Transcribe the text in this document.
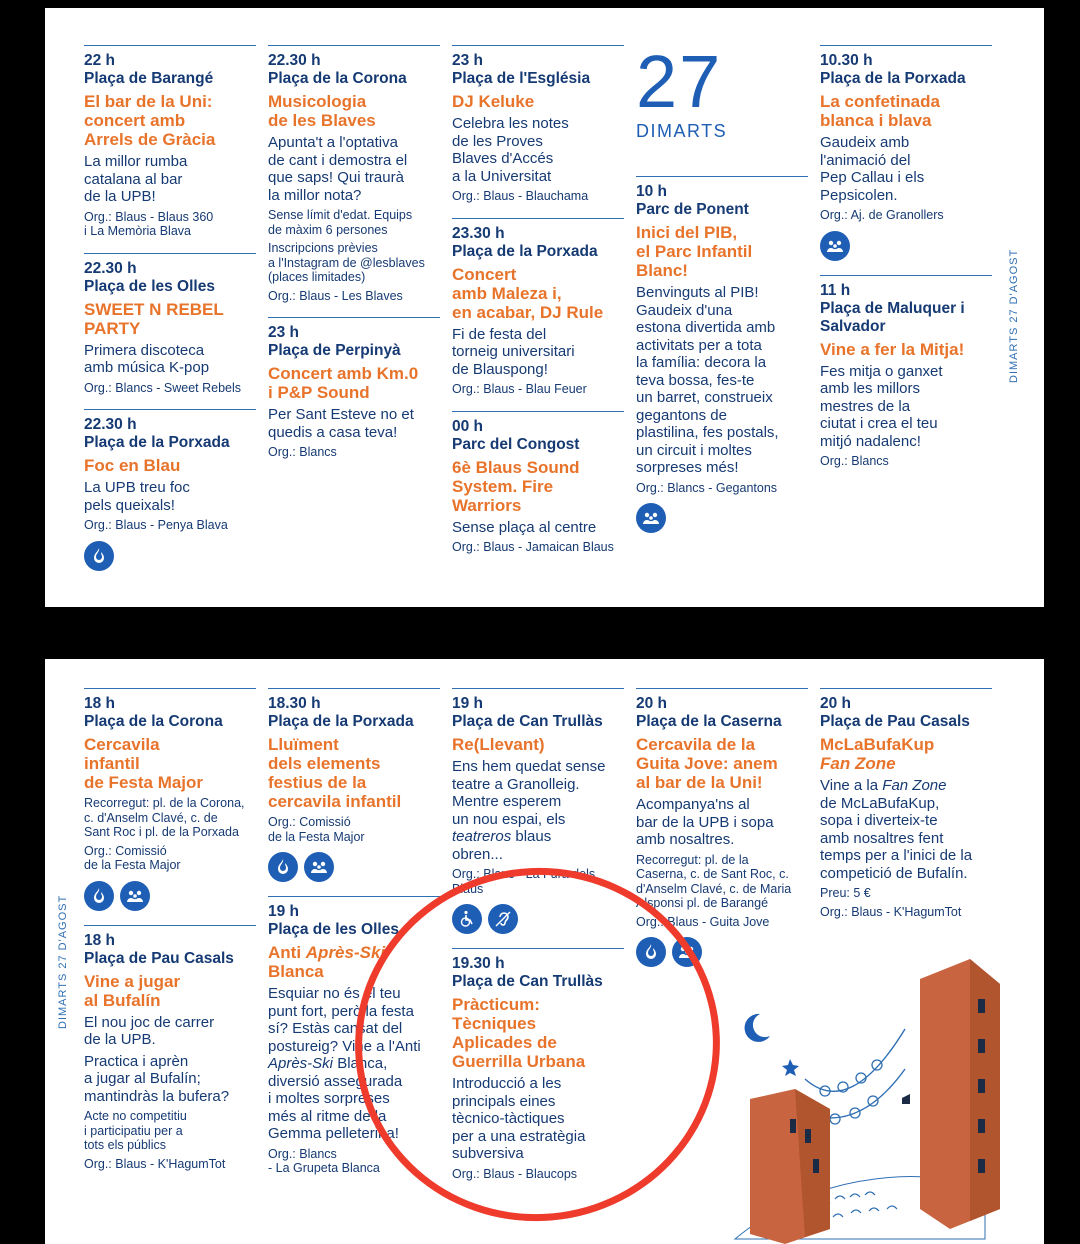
22 h
Plaça de Barangé
El bar de la Uni:
concert amb
Arrels de Gràcia
La millor rumba
catalana al bar
de la UPB!
Org.: Blaus - Blaus 360
i La Memòria Blava
22.30 h
Plaça de les Olles
SWEET N REBEL
PARTY
Primera discoteca
amb música K-pop
Org.: Blancs - Sweet Rebels
22.30 h
Plaça de la Porxada
Foc en Blau
La UPB treu foc
pels queixals!
Org.: Blaus - Penya Blava
22.30 h
Plaça de la Corona
Musicologia
de les Blaves
Apunta't a l'optativa
de cant i demostra el
que saps! Qui traurà
la millor nota?
Sense límit d'edat. Equips
de màxim 6 persones
Inscripcions prèvies
a l'Instagram de @lesblaves
(places limitades)
Org.: Blaus - Les Blaves
23 h
Plaça de Perpinyà
Concert amb Km.0
i P&P Sound
Per Sant Esteve no et
quedis a casa teva!
Org.: Blancs
23 h
Plaça de l'Església
DJ Keluke
Celebra les notes
de les Proves
Blaves d'Accés
a la Universitat
Org.: Blaus - Blauchama
23.30 h
Plaça de la Porxada
Concert
amb Maleza i,
en acabar, DJ Rule
Fi de festa del
torneig universitari
de Blauspong!
Org.: Blaus - Blau Feuer
00 h
Parc del Congost
6è Blaus Sound
System. Fire
Warriors
Sense plaça al centre
Org.: Blaus - Jamaican Blaus
27
DIMARTS
10 h
Parc de Ponent
Inici del PIB,
el Parc Infantil
Blanc!
Benvinguts al PIB!
Gaudeix d'una
estona divertida amb
activitats per a tota
la família: decora la
teva bossa, fes-te
un barret, construeix
gegantons de
plastilina, fes postals,
un circuit i moltes
sorpreses més!
Org.: Blancs - Gegantons
10.30 h
Plaça de la Porxada
La confetinada
blanca i blava
Gaudeix amb
l'animació del
Pep Callau i els
Pepsicolen.
Org.: Aj. de Granollers
11 h
Plaça de Maluquer i Salvador
Vine a fer la Mitja!
Fes mitja o ganxet
amb les millors
mestres de la
ciutat i crea el teu
mitjó nadalenc!
Org.: Blancs
DIMARTS 27 D'AGOST
18 h
Plaça de la Corona
Cercavila
infantil
de Festa Major
Recorregut: pl. de la Corona,
c. d'Anselm Clavé, c. de
Sant Roc i pl. de la Porxada
Org.: Comissió
de la Festa Major
18 h
Plaça de Pau Casals
Vine a jugar
al Bufalín
El nou joc de carrer
de la UPB.
Practica i aprèn
a jugar al Bufalín;
mantindràs la bufera?
Acte no competitiu
i participatiu per a
tots els públics
Org.: Blaus - K'HagumTot
18.30 h
Plaça de la Porxada
Lluïment
dels elements
festius de la
cercavila infantil
Org.: Comissió
de la Festa Major
19 h
Plaça de les Olles
Anti Après-Ski
Blanca
Esquiar no és el teu
punt fort, però la festa
sí? Estàs cansat del
postureig? Vine a l'Anti
Après-Ski Blanca,
diversió assegurada
i moltes sorpreses
més al ritme de la
Gemma pelleterina!
Org.: Blancs
- La Grupeta Blanca
19 h
Plaça de Can Trullàs
Re(Llevant)
Ens hem quedat sense
teatre a Granolleig.
Mentre esperem
un nou espai, els
teatreros blaus
obren...
Org.: Blaus - La Fura dels Blaus
19.30 h
Plaça de Can Trullàs
Pràcticum:
Tècniques
Aplicades de
Guerrilla Urbana
Introducció a les
principals eines
tècnico-tàctiques
per a una estratègia
subversiva
Org.: Blaus - Blaucops
20 h
Plaça de la Caserna
Cercavila de la
Guita Jove: anem
al bar de la Uni!
Acompanya'ns al
bar de la UPB i sopa
amb nosaltres.
Recorregut: pl. de la
Caserna, c. de Sant Roc, c.
d'Anselm Clavé, c. de Maria
Alsponsi pl. de Barangé
Org.: Blaus - Guita Jove
20 h
Plaça de Pau Casals
McLaBufaKup
Fan Zone
Vine a la Fan Zone
de McLaBufaKup,
sopa i diverteix-te
amb nosaltres fent
temps per a l'inici de la
competició de Bufalín.
Preu: 5 €
Org.: Blaus - K'HagumTot
DIMARTS 27 D'AGOST
